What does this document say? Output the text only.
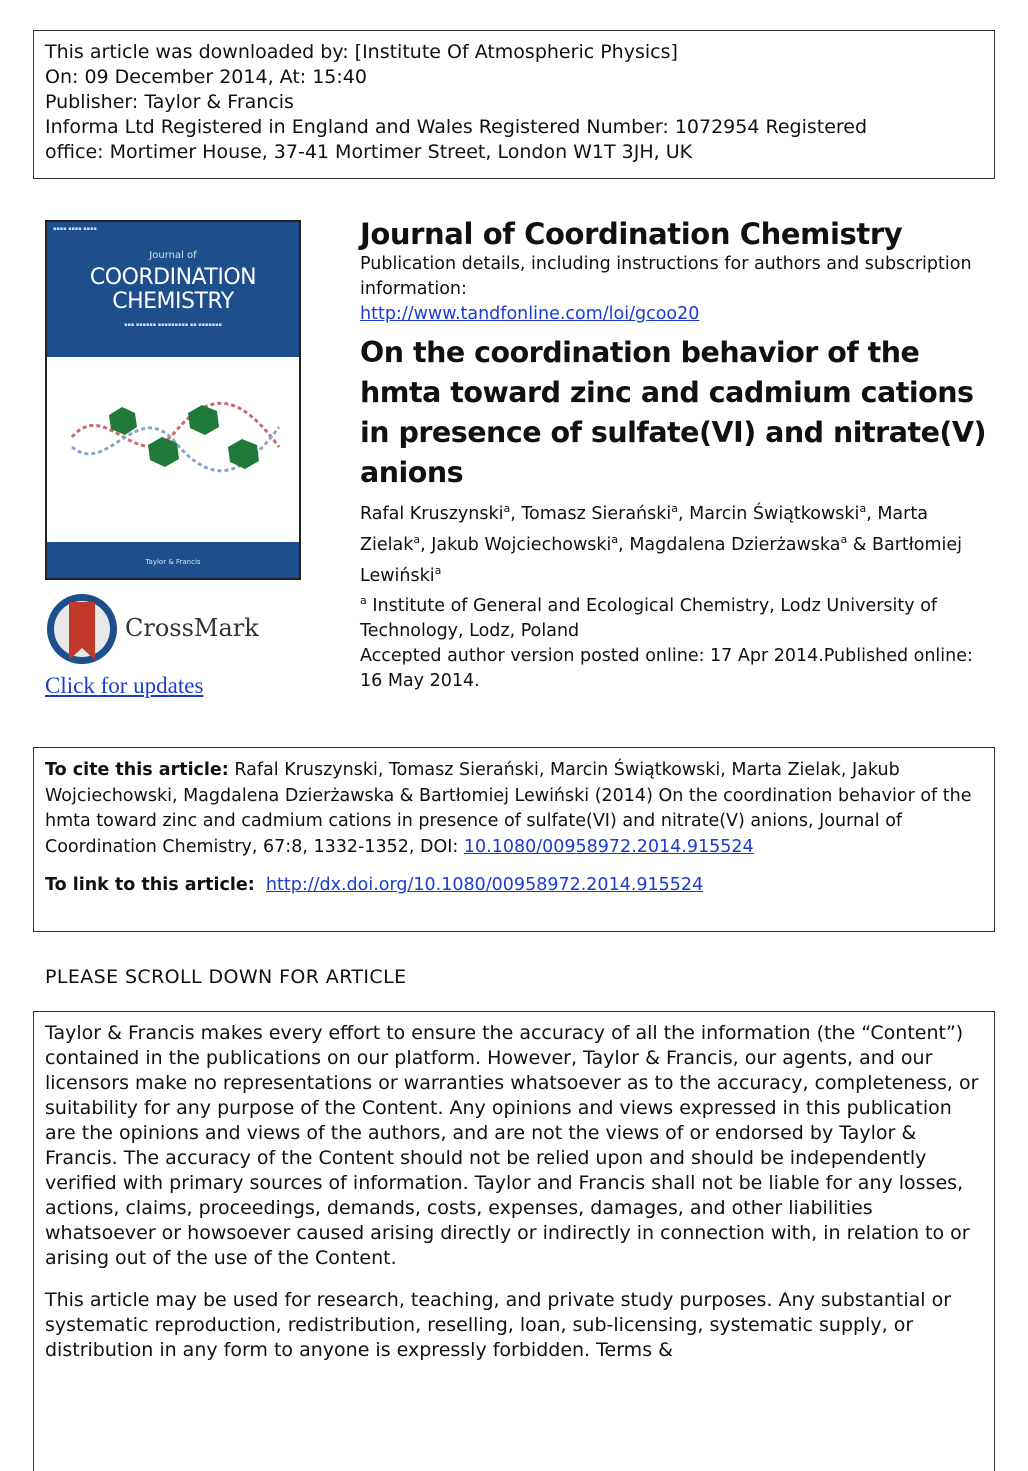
This article was downloaded by: [Institute Of Atmospheric Physics]
On: 09 December 2014, At: 15:40
Publisher: Taylor & Francis
Informa Ltd Registered in England and Wales Registered Number: 1072954 Registered
office: Mortimer House, 37-41 Mortimer Street, London W1T 3JH, UK
▪▪▪▪ ▪▪▪▪ ▪▪▪▪
Journal of
COORDINATION
CHEMISTRY
▪▪▪ ▪▪▪▪▪▪ ▪▪▪▪▪▪▪▪▪ ▪▪ ▪▪▪▪▪▪▪
Taylor & Francis
CrossMark
Click for updates
Journal of Coordination Chemistry
Publication details, including instructions for authors and subscription information:
http://www.tandfonline.com/loi/gcoo20
On the coordination behavior of the hmta toward zinc and cadmium cations in presence of sulfate(VI) and nitrate(V) anions
Rafal Kruszynski$^a$, Tomasz Sierański$^a$, Marcin Świątkowski$^a$, Marta Zielak$^a$, Jakub Wojciechowski$^a$, Magdalena Dzierżawska$^a$ & Bartłomiej Lewiński$^a$
$^a$ Institute of General and Ecological Chemistry, Lodz University of Technology, Lodz, Poland
Accepted author version posted online: 17 Apr 2014.Published online: 16 May 2014.
To cite this article: Rafal Kruszynski, Tomasz Sierański, Marcin Świątkowski, Marta Zielak, Jakub Wojciechowski, Magdalena Dzierżawska & Bartłomiej Lewiński (2014) On the coordination behavior of the hmta toward zinc and cadmium cations in presence of sulfate(VI) and nitrate(V) anions, Journal of Coordination Chemistry, 67:8, 1332-1352, DOI: 10.1080/00958972.2014.915524
To link to this article: http://dx.doi.org/10.1080/00958972.2014.915524
PLEASE SCROLL DOWN FOR ARTICLE

Taylor & Francis makes every effort to ensure the accuracy of all the information (the “Content”) contained in the publications on our platform. However, Taylor & Francis, our agents, and our licensors make no representations or warranties whatsoever as to the accuracy, completeness, or suitability for any purpose of the Content. Any opinions and views expressed in this publication are the opinions and views of the authors, and are not the views of or endorsed by Taylor & Francis. The accuracy of the Content should not be relied upon and should be independently verified with primary sources of information. Taylor and Francis shall not be liable for any losses, actions, claims, proceedings, demands, costs, expenses, damages, and other liabilities whatsoever or howsoever caused arising directly or indirectly in connection with, in relation to or arising out of the use of the Content.

This article may be used for research, teaching, and private study purposes. Any substantial or systematic reproduction, redistribution, reselling, loan, sub-licensing, systematic supply, or distribution in any form to anyone is expressly forbidden. Terms &
